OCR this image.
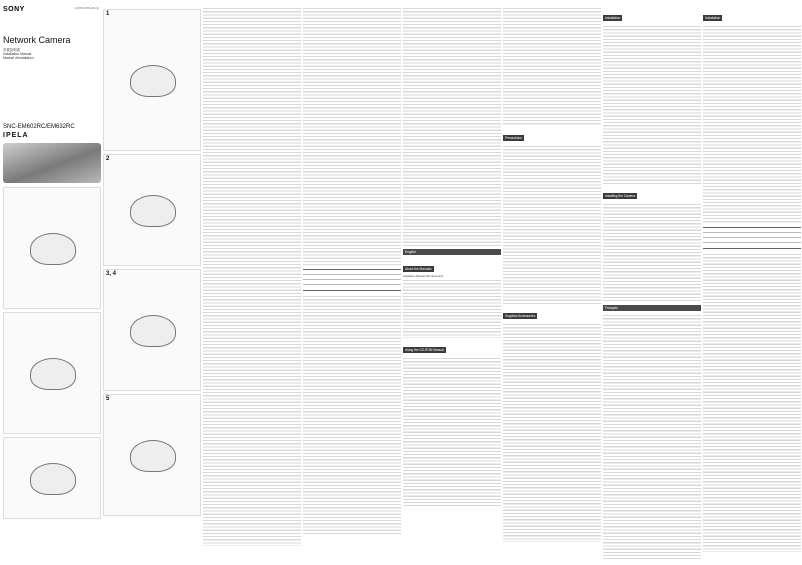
SONY	4-XXX-XXX-01 (1)
Network Camera
設置説明書
Installation Manual
Manuel d'installation
SNC-EM602RC/EM632RC
IPELA
1
2
3, 4
5
English
About the Manuals
Installation Manual (this document)
Using the CD-ROM Manual
Precautions
Supplied Accessories
Installation
Installing the Camera
Français
Installation
